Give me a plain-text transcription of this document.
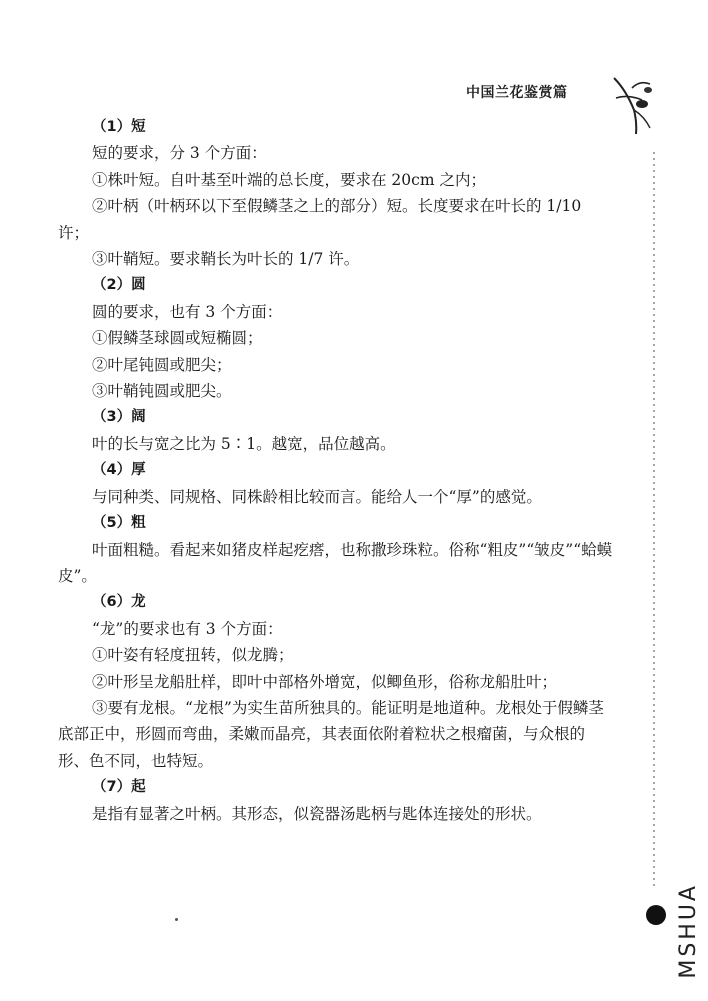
中国兰花鉴赏篇
MSHUA

（1）短

短的要求，分 3 个方面：

①株叶短。自叶基至叶端的总长度，要求在 20cm 之内；

②叶柄（叶柄环以下至假鳞茎之上的部分）短。长度要求在叶长的 1/10 许；

③叶鞘短。要求鞘长为叶长的 1/7 许。

（2）圆

圆的要求，也有 3 个方面：

①假鳞茎球圆或短椭圆；

②叶尾钝圆或肥尖；

③叶鞘钝圆或肥尖。

（3）阔

叶的长与宽之比为 5∶1。越宽，品位越高。

（4）厚

与同种类、同规格、同株龄相比较而言。能给人一个“厚”的感觉。

（5）粗

叶面粗糙。看起来如猪皮样起疙瘩，也称撒珍珠粒。俗称“粗皮”“皱皮”“蛤蟆皮”。

（6）龙

“龙”的要求也有 3 个方面：

①叶姿有轻度扭转，似龙腾；

②叶形呈龙船肚样，即叶中部格外增宽，似鲫鱼形，俗称龙船肚叶；

③要有龙根。“龙根”为实生苗所独具的。能证明是地道种。龙根处于假鳞茎底部正中，形圆而弯曲，柔嫩而晶亮，其表面依附着粒状之根瘤菌，与众根的形、色不同，也特短。

（7）起

是指有显著之叶柄。其形态，似瓷器汤匙柄与匙体连接处的形状。
